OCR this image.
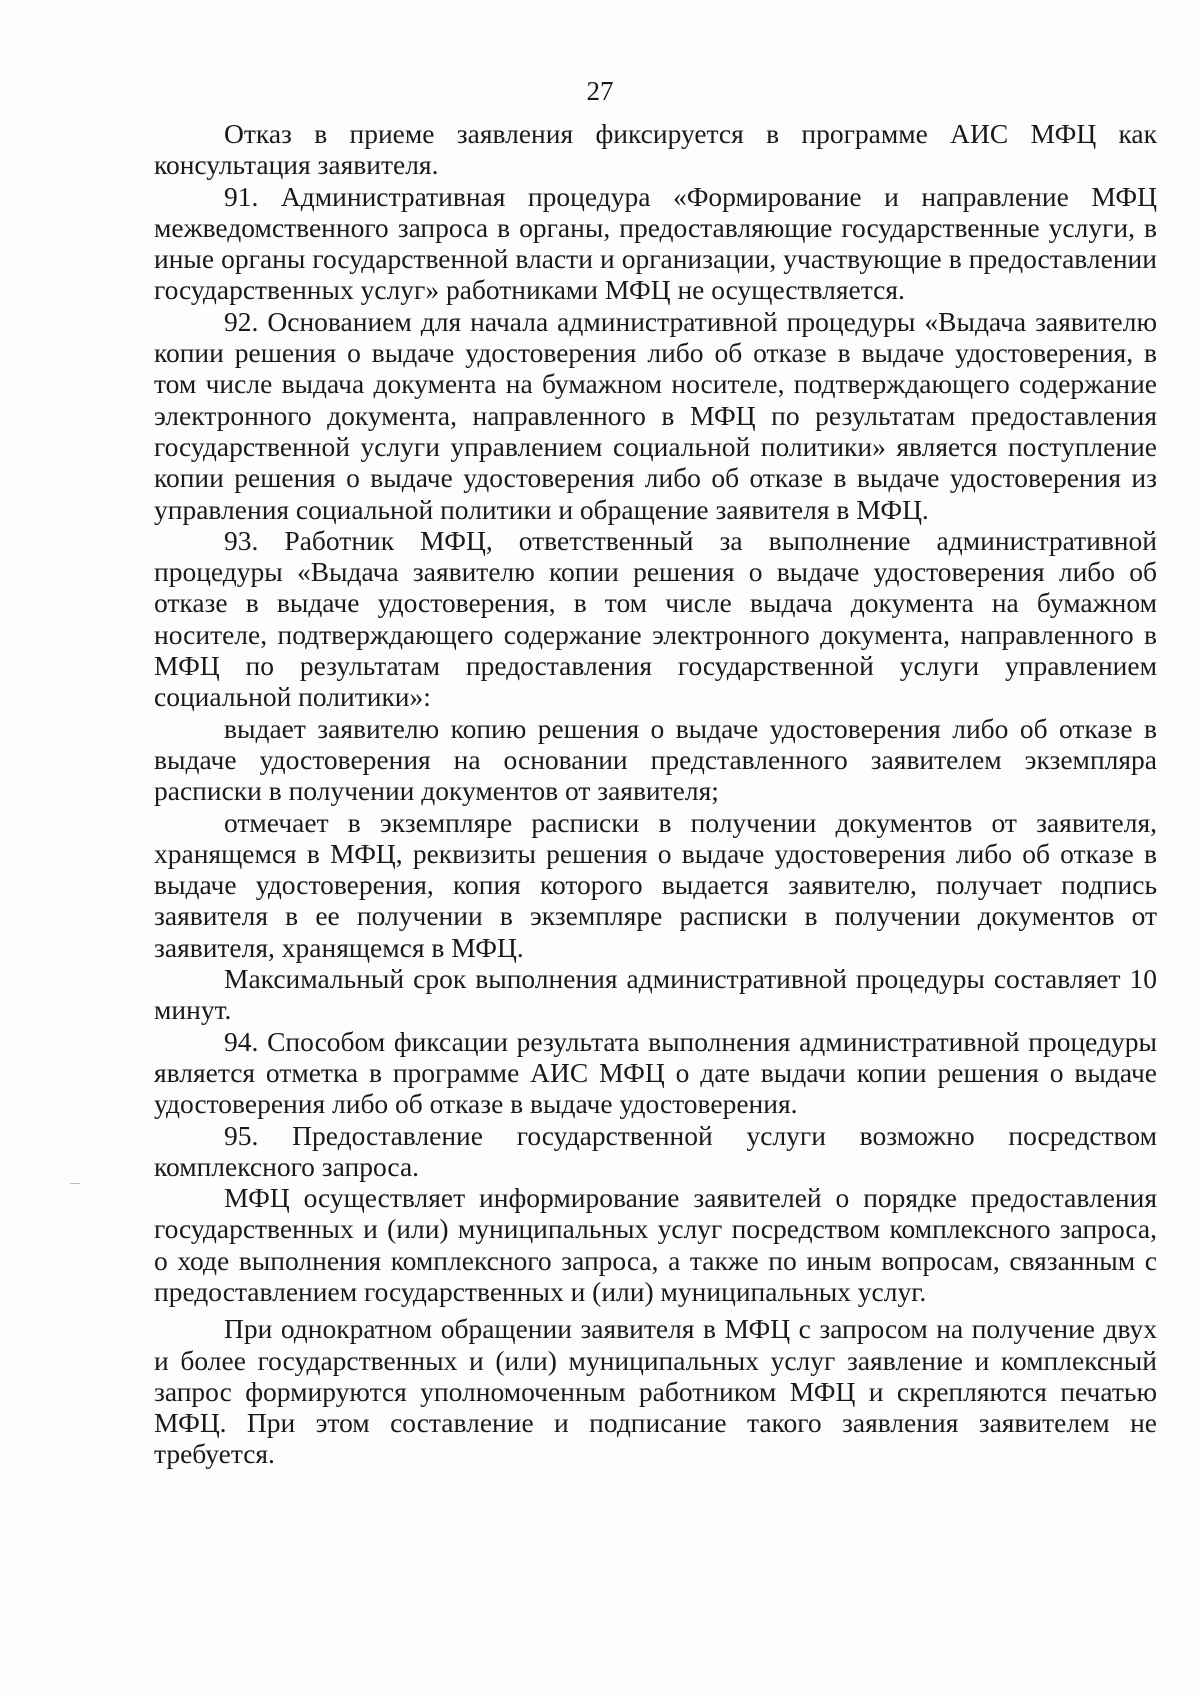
27

Отказ в приеме заявления фиксируется в программе АИС МФЦ как консультация заявителя.

91. Административная процедура «Формирование и направление МФЦ межведомственного запроса в органы, предоставляющие государственные услуги, в иные органы государственной власти и организации, участвующие в предоставлении государственных услуг» работниками МФЦ не осуществляется.

92. Основанием для начала административной процедуры «Выдача заявителю копии решения о выдаче удостоверения либо об отказе в выдаче удостоверения, в том числе выдача документа на бумажном носителе, подтверждающего содержание электронного документа, направленного в МФЦ по результатам предоставления государственной услуги управлением социальной политики» является поступление копии решения о выдаче удостоверения либо об отказе в выдаче удостоверения из управления социальной политики и обращение заявителя в МФЦ.

93. Работник МФЦ, ответственный за выполнение административной процедуры «Выдача заявителю копии решения о выдаче удостоверения либо об отказе в выдаче удостоверения, в том числе выдача документа на бумажном носителе, подтверждающего содержание электронного документа, направленного в МФЦ по результатам предоставления государственной услуги управлением социальной политики»:

выдает заявителю копию решения о выдаче удостоверения либо об отказе в выдаче удостоверения на основании представленного заявителем экземпляра расписки в получении документов от заявителя;

отмечает в экземпляре расписки в получении документов от заявителя, хранящемся в МФЦ, реквизиты решения о выдаче удостоверения либо об отказе в выдаче удостоверения, копия которого выдается заявителю, получает подпись заявителя в ее получении в экземпляре расписки в получении документов от заявителя, хранящемся в МФЦ.

Максимальный срок выполнения административной процедуры составляет 10 минут.

94. Способом фиксации результата выполнения административной процедуры является отметка в программе АИС МФЦ о дате выдачи копии решения о выдаче удостоверения либо об отказе в выдаче удостоверения.

95. Предоставление государственной услуги возможно посредством комплексного запроса.

МФЦ осуществляет информирование заявителей о порядке предоставления государственных и (или) муниципальных услуг посредством комплексного запроса, о ходе выполнения комплексного запроса, а также по иным вопросам, связанным с предоставлением государственных и (или) муниципальных услуг.

При однократном обращении заявителя в МФЦ с запросом на получение двух и более государственных и (или) муниципальных услуг заявление и комплексный запрос формируются уполномоченным работником МФЦ и скрепляются печатью МФЦ. При этом составление и подписание такого заявления заявителем не требуется.
